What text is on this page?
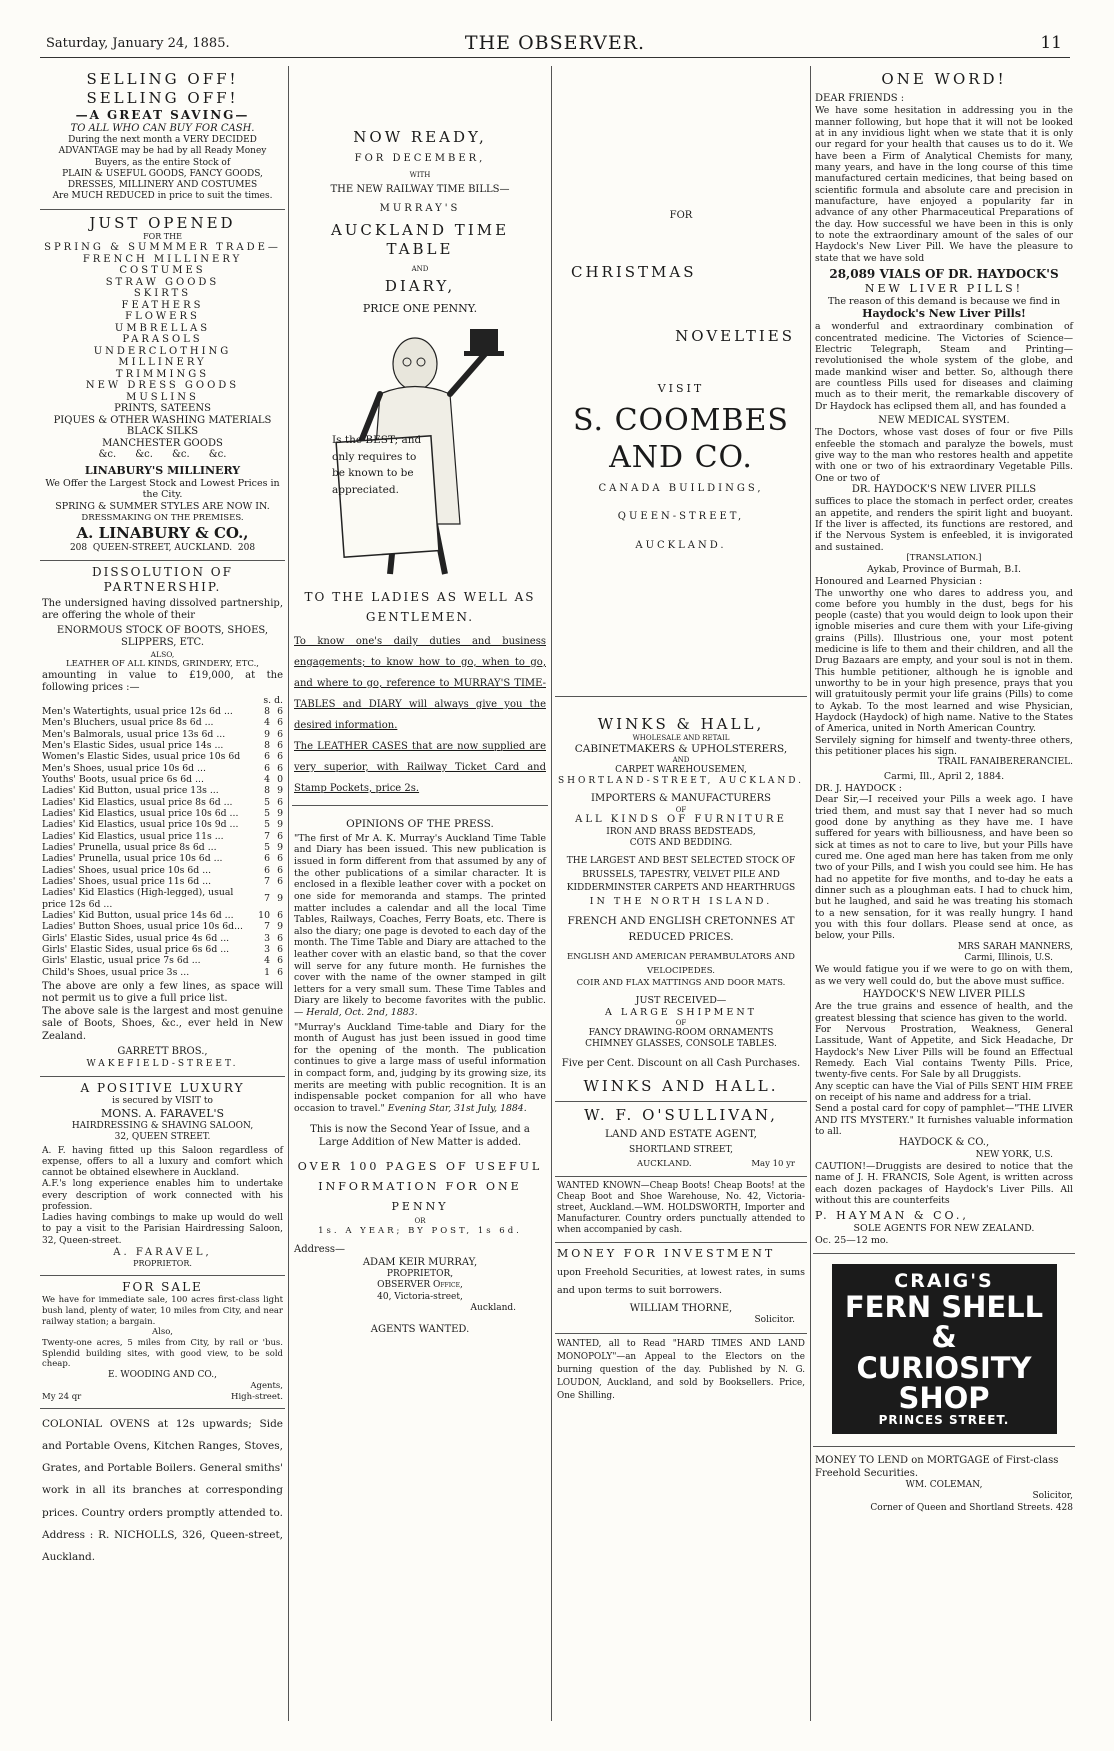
Saturday, January 24, 1885.	THE OBSERVER.	11
SELLING OFF! SELLING OFF!
—A GREAT SAVING—
TO ALL WHO CAN BUY FOR CASH.
During the next month a VERY DECIDED ADVANTAGE may be had by all Ready Money Buyers, as the entire Stock of
PLAIN & USEFUL GOODS, FANCY GOODS, DRESSES, MILLINERY AND COSTUMES
Are MUCH REDUCED in price to suit the times.
JUST OPENED
FOR THE
SPRING & SUMMMER TRADE—
FRENCH MILLINERY
COSTUMES
STRAW GOODS
SKIRTS
FEATHERS
FLOWERS
UMBRELLAS
PARASOLS
UNDERCLOTHING
MILLINERY
TRIMMINGS
NEW DRESS GOODS
MUSLINS
PRINTS, SATEENS
PIQUES & OTHER WASHING MATERIALS
BLACK SILKS
MANCHESTER GOODS
&c.      &c.      &c.      &c.
LINABURY'S MILLINERY
We Offer the Largest Stock and Lowest Prices in the City.
SPRING & SUMMER STYLES ARE NOW IN.
DRESSMAKING ON THE PREMISES.
A. LINABURY & CO.,
208  QUEEN-STREET, AUCKLAND.  208
DISSOLUTION OF PARTNERSHIP.
The undersigned having dissolved partnership, are offering the whole of their
ENORMOUS STOCK OF BOOTS, SHOES, SLIPPERS, ETC.
ALSO,
LEATHER OF ALL KINDS, GRINDERY, ETC.,
amounting in value to £19,000, at the following prices :—
	s. d.	
Men's Watertights, usual price 12s 6d ...	8	6
Men's Bluchers, usual price 8s 6d ...	4	6
Men's Balmorals, usual price 13s 6d ...	9	6
Men's Elastic Sides, usual price 14s ...	8	6
Women's Elastic Sides, usual price 10s 6d	6	6
Men's Shoes, usual price 10s 6d ...	6	6
Youths' Boots, usual price 6s 6d ...	4	0
Ladies' Kid Button, usual price 13s ...	8	9
Ladies' Kid Elastics, usual price 8s 6d ...	5	6
Ladies' Kid Elastics, usual price 10s 6d ...	5	9
Ladies' Kid Elastics, usual price 10s 9d ...	5	9
Ladies' Kid Elastics, usual price 11s ...	7	6
Ladies' Prunella, usual price 8s 6d ...	5	9
Ladies' Prunella, usual price 10s 6d ...	6	6
Ladies' Shoes, usual price 10s 6d ...	6	6
Ladies' Shoes, usual price 11s 6d ...	7	6
Ladies' Kid Elastics (High-legged), usual price 12s 6d ...	7	9
Ladies' Kid Button, usual price 14s 6d ...	10	6
Ladies' Button Shoes, usual price 10s 6d...	7	9
Girls' Elastic Sides, usual price 4s 6d ...	3	6
Girls' Elastic Sides, usual price 6s 6d ...	3	6
Girls' Elastic, usual price 7s 6d ...	4	6
Child's Shoes, usual price 3s ...	1	6
The above are only a few lines, as space will not permit us to give a full price list.
The above sale is the largest and most genuine sale of Boots, Shoes, &c., ever held in New Zealand.
GARRETT BROS.,
WAKEFIELD-STREET.
A POSITIVE LUXURY
is secured by VISIT to
MONS. A. FARAVEL'S
HAIRDRESSING & SHAVING SALOON,
32, QUEEN STREET.
A. F. having fitted up this Saloon regardless of expense, offers to all a luxury and comfort which cannot be obtained elsewhere in Auckland.
A.F.'s long experience enables him to undertake every description of work connected with his profession.
Ladies having combings to make up would do well to pay a visit to the Parisian Hairdressing Saloon, 32, Queen-street.
A. FARAVEL,
PROPRIETOR.
FOR SALE
We have for immediate sale, 100 acres first-class light bush land, plenty of water, 10 miles from City, and near railway station; a bargain.
Also,
Twenty-one acres, 5 miles from City, by rail or 'bus. Splendid building sites, with good view, to be sold cheap.
E. WOODING AND CO.,
Agents,
My 24 qr	High-street.
COLONIAL OVENS at 12s upwards; Side and Portable Ovens, Kitchen Ranges, Stoves, Grates, and Portable Boilers. General smiths' work in all its branches at corresponding prices. Country orders promptly attended to. Address : R. NICHOLLS, 326, Queen-street, Auckland.
NOW READY,
FOR DECEMBER,
WITH
THE NEW RAILWAY TIME BILLS—
MURRAY'S
AUCKLAND TIME TABLE
AND
DIARY,
PRICE ONE PENNY.
Is the BEST; and only requires to be known to be appreciated.
TO THE LADIES AS WELL AS GENTLEMEN.
To know one's daily duties and business engagements; to know how to go, when to go, and where to go, reference to MURRAY'S TIME-TABLES and DIARY will always give you the desired information.
The LEATHER CASES that are now supplied are very superior, with Railway Ticket Card and Stamp Pockets, price 2s.
OPINIONS OF THE PRESS.
"The first of Mr A. K. Murray's Auckland Time Table and Diary has been issued. This new publication is issued in form different from that assumed by any of the other publications of a similar character. It is enclosed in a flexible leather cover with a pocket on one side for memoranda and stamps. The printed matter includes a calendar and all the local Time Tables, Railways, Coaches, Ferry Boats, etc. There is also the diary; one page is devoted to each day of the month. The Time Table and Diary are attached to the leather cover with an elastic band, so that the cover will serve for any future month. He furnishes the cover with the name of the owner stamped in gilt letters for a very small sum. These Time Tables and Diary are likely to become favorites with the public.— Herald, Oct. 2nd, 1883.
"Murray's Auckland Time-table and Diary for the month of August has just been issued in good time for the opening of the month. The publication continues to give a large mass of useful information in compact form, and, judging by its growing size, its merits are meeting with public recognition. It is an indispensable pocket companion for all who have occasion to travel." Evening Star, 31st July, 1884.
This is now the Second Year of Issue, and a Large Addition of New Matter is added.
OVER 100 PAGES OF USEFUL INFORMATION FOR ONE PENNY
OR
1s. A YEAR; BY POST, 1s 6d.
Address—
ADAM KEIR MURRAY,
PROPRIETOR,
OBSERVER Office,
40, Victoria-street,
Auckland.
AGENTS WANTED.
FOR
CHRISTMAS
NOVELTIES
VISIT
S. COOMBES AND CO.
CANADA BUILDINGS,
QUEEN-STREET,
AUCKLAND.
WINKS & HALL,
WHOLESALE AND RETAIL
CABINETMAKERS & UPHOLSTERERS,
AND
CARPET WAREHOUSEMEN,
SHORTLAND-STREET, AUCKLAND.
IMPORTERS & MANUFACTURERS
OF
ALL KINDS OF FURNITURE
IRON AND BRASS BEDSTEADS,
COTS AND BEDDING.
THE LARGEST AND BEST SELECTED STOCK OF BRUSSELS, TAPESTRY, VELVET PILE AND KIDDERMINSTER CARPETS AND HEARTHRUGS
IN THE NORTH ISLAND.
FRENCH AND ENGLISH CRETONNES AT REDUCED PRICES.
ENGLISH AND AMERICAN PERAMBULATORS AND VELOCIPEDES.
COIR AND FLAX MATTINGS AND DOOR MATS.
JUST RECEIVED—
A LARGE SHIPMENT
OF
FANCY DRAWING-ROOM ORNAMENTS
CHIMNEY GLASSES, CONSOLE TABLES.
Five per Cent. Discount on all Cash Purchases.
WINKS AND HALL.
W. F. O'SULLIVAN,
LAND AND ESTATE AGENT,
SHORTLAND STREET,
AUCKLAND.	May 10 yr
WANTED KNOWN—Cheap Boots! Cheap Boots! at the Cheap Boot and Shoe Warehouse, No. 42, Victoria-street, Auckland.—WM. HOLDSWORTH, Importer and Manufacturer. Country orders punctually attended to when accompanied by cash.
MONEY FOR INVESTMENT
upon Freehold Securities, at lowest rates, in sums and upon terms to suit borrowers.
WILLIAM THORNE,
Solicitor.
WANTED, all to Read "HARD TIMES AND LAND MONOPOLY"—an Appeal to the Electors on the burning question of the day. Published by N. G. LOUDON, Auckland, and sold by Booksellers. Price, One Shilling.
ONE WORD!
DEAR FRIENDS :
We have some hesitation in addressing you in the manner following, but hope that it will not be looked at in any invidious light when we state that it is only our regard for your health that causes us to do it. We have been a Firm of Analytical Chemists for many, many years, and have in the long course of this time manufactured certain medicines, that being based on scientific formula and absolute care and precision in manufacture, have enjoyed a popularity far in advance of any other Pharmaceutical Preparations of the day. How successful we have been in this is only to note the extraordinary amount of the sales of our Haydock's New Liver Pill. We have the pleasure to state that we have sold
28,089 VIALS OF DR. HAYDOCK'S
NEW LIVER PILLS!
The reason of this demand is because we find in
Haydock's New Liver Pills!
a wonderful and extraordinary combination of concentrated medicine. The Victories of Science—Electric Telegraph, Steam and Printing—revolutionised the whole system of the globe, and made mankind wiser and better. So, although there are countless Pills used for diseases and claiming much as to their merit, the remarkable discovery of Dr Haydock has eclipsed them all, and has founded a
NEW MEDICAL SYSTEM.
The Doctors, whose vast doses of four or five Pills enfeeble the stomach and paralyze the bowels, must give way to the man who restores health and appetite with one or two of his extraordinary Vegetable Pills. One or two of
DR. HAYDOCK'S NEW LIVER PILLS
suffices to place the stomach in perfect order, creates an appetite, and renders the spirit light and buoyant. If the liver is affected, its functions are restored, and if the Nervous System is enfeebled, it is invigorated and sustained.
[TRANSLATION.]
Aykab, Province of Burmah, B.I.
Honoured and Learned Physician :
The unworthy one who dares to address you, and come before you humbly in the dust, begs for his people (caste) that you would deign to look upon their ignoble miseries and cure them with your Life-giving grains (Pills). Illustrious one, your most potent medicine is life to them and their children, and all the Drug Bazaars are empty, and your soul is not in them. This humble petitioner, although he is ignoble and unworthy to be in your high presence, prays that you will gratuitously permit your life grains (Pills) to come to Aykab. To the most learned and wise Physician, Haydock (Haydock) of high name. Native to the States of America, united in North American Country.
Servilely signing for himself and twenty-three others, this petitioner places his sign.
TRAIL FANAIBERERANCIEL.
Carmi, Ill., April 2, 1884.
DR. J. HAYDOCK :
Dear Sir,—I received your Pills a week ago. I have tried them, and must say that I never had so much good done by anything as they have me. I have suffered for years with billiousness, and have been so sick at times as not to care to live, but your Pills have cured me. One aged man here has taken from me only two of your Pills, and I wish you could see him. He has had no appetite for five months, and to-day he eats a dinner such as a ploughman eats. I had to chuck him, but he laughed, and said he was treating his stomach to a new sensation, for it was really hungry. I hand you with this four dollars. Please send at once, as below, your Pills.
MRS SARAH MANNERS,
Carmi, Illinois, U.S.
We would fatigue you if we were to go on with them, as we very well could do, but the above must suffice.
HAYDOCK'S NEW LIVER PILLS
Are the true grains and essence of health, and the greatest blessing that science has given to the world.
For Nervous Prostration, Weakness, General Lassitude, Want of Appetite, and Sick Headache, Dr Haydock's New Liver Pills will be found an Effectual Remedy. Each Vial contains Twenty Pills. Price, twenty-five cents. For Sale by all Druggists.
Any sceptic can have the Vial of Pills SENT HIM FREE on receipt of his name and address for a trial.
Send a postal card for copy of pamphlet—"THE LIVER AND ITS MYSTERY." It furnishes valuable information to all.
HAYDOCK & CO.,
NEW YORK, U.S.
CAUTION!—Druggists are desired to notice that the name of J. H. FRANCIS, Sole Agent, is written across each dozen packages of Haydock's Liver Pills. All without this are counterfeits
P. HAYMAN & CO.,
SOLE AGENTS FOR NEW ZEALAND.
Oc. 25—12 mo.
CRAIG'S
FERN SHELL &
CURIOSITY SHOP
PRINCES STREET.
MONEY TO LEND on MORTGAGE of First-class Freehold Securities.
WM. COLEMAN,
Solicitor,
Corner of Queen and Shortland Streets. 428
